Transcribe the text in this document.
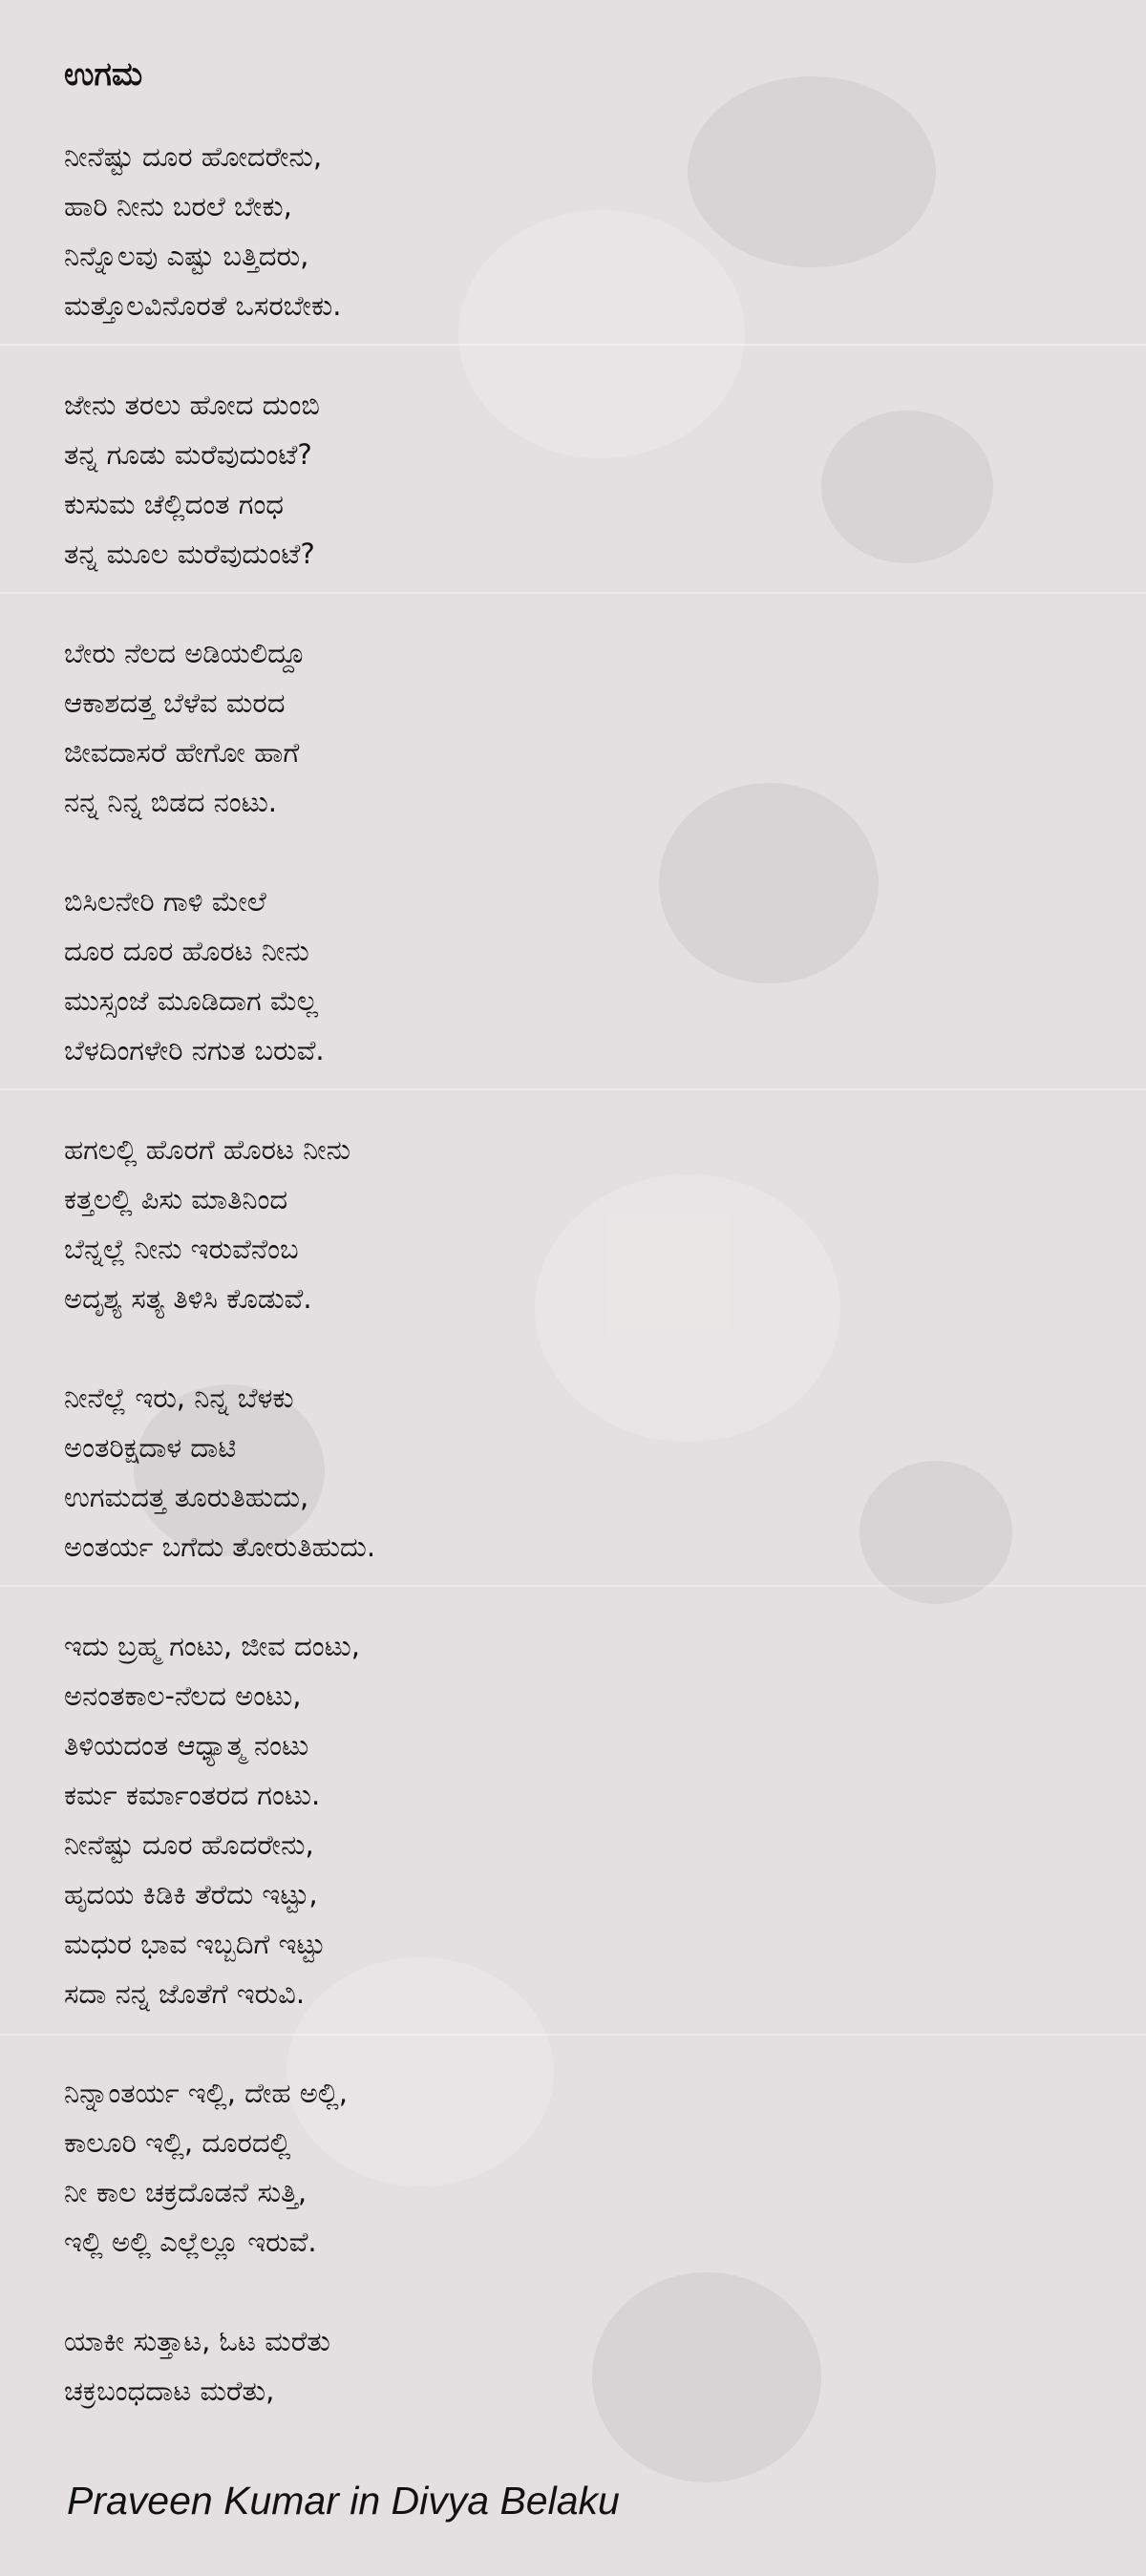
ಉಗಮ
ನೀನೆಷ್ಟು ದೂರ ಹೋದರೇನು,
ಹಾರಿ ನೀನು ಬರಲೆ ಬೇಕು,
ನಿನ್ನೊಲವು ಎಷ್ಟು ಬತ್ತಿದರು,
ಮತ್ತೊಲವಿನೊರತೆ ಒಸರಬೇಕು.
ಜೇನು ತರಲು ಹೋದ ದುಂಬಿ
ತನ್ನ ಗೂಡು ಮರೆವುದುಂಟೆ?
ಕುಸುಮ ಚೆಲ್ಲಿದಂತ ಗಂಧ
ತನ್ನ ಮೂಲ ಮರೆವುದುಂಟೆ?
ಬೇರು ನೆಲದ ಅಡಿಯಲಿದ್ದೂ
ಆಕಾಶದತ್ತ ಬೆಳೆವ ಮರದ
ಜೀವದಾಸರೆ ಹೇಗೋ ಹಾಗೆ
ನನ್ನ ನಿನ್ನ ಬಿಡದ ನಂಟು.
ಬಿಸಿಲನೇರಿ ಗಾಳಿ ಮೇಲೆ
ದೂರ ದೂರ ಹೊರಟ ನೀನು
ಮುಸ್ಸಂಜೆ ಮೂಡಿದಾಗ ಮೆಲ್ಲ
ಬೆಳದಿಂಗಳೇರಿ ನಗುತ ಬರುವೆ.
ಹಗಲಲ್ಲಿ ಹೊರಗೆ ಹೊರಟ ನೀನು
ಕತ್ತಲಲ್ಲಿ ಪಿಸು ಮಾತಿನಿಂದ
ಬೆನ್ನಲ್ಲೆ ನೀನು ಇರುವೆನೆಂಬ
ಅದೃಶ್ಯ ಸತ್ಯ ತಿಳಿಸಿ ಕೊಡುವೆ.
ನೀನೆಲ್ಲೆ ಇರು, ನಿನ್ನ ಬೆಳಕು
ಅಂತರಿಕ್ಷದಾಳ ದಾಟಿ
ಉಗಮದತ್ತ ತೂರುತಿಹುದು,
ಅಂತರ್ಯ ಬಗೆದು ತೋರುತಿಹುದು.
ಇದು ಬ್ರಹ್ಮ ಗಂಟು, ಜೀವ ದಂಟು,
ಅನಂತಕಾಲ-ನೆಲದ ಅಂಟು,
ತಿಳಿಯದಂತ ಆಧ್ಯಾತ್ಮ ನಂಟು
ಕರ್ಮ ಕರ್ಮಾಂತರದ ಗಂಟು.
ನೀನೆಷ್ಟು ದೂರ ಹೊದರೇನು,
ಹೃದಯ ಕಿಡಿಕಿ ತೆರೆದು ಇಟ್ಟು,
ಮಧುರ ಭಾವ ಇಬ್ಬದಿಗೆ ಇಟ್ಟು
ಸದಾ ನನ್ನ ಜೊತೆಗೆ ಇರುವಿ.
ನಿನ್ನಾಂತರ್ಯ ಇಲ್ಲಿ, ದೇಹ ಅಲ್ಲಿ,
ಕಾಲೂರಿ ಇಲ್ಲಿ, ದೂರದಲ್ಲಿ
ನೀ ಕಾಲ ಚಕ್ರದೊಡನೆ ಸುತ್ತಿ,
ಇಲ್ಲಿ ಅಲ್ಲಿ ಎಲ್ಲೆಲ್ಲೂ ಇರುವೆ.
ಯಾಕೀ ಸುತ್ತಾಟ, ಓಟ ಮರೆತು
ಚಕ್ರಬಂಧದಾಟ ಮರೆತು,
Praveen Kumar in Divya Belaku
